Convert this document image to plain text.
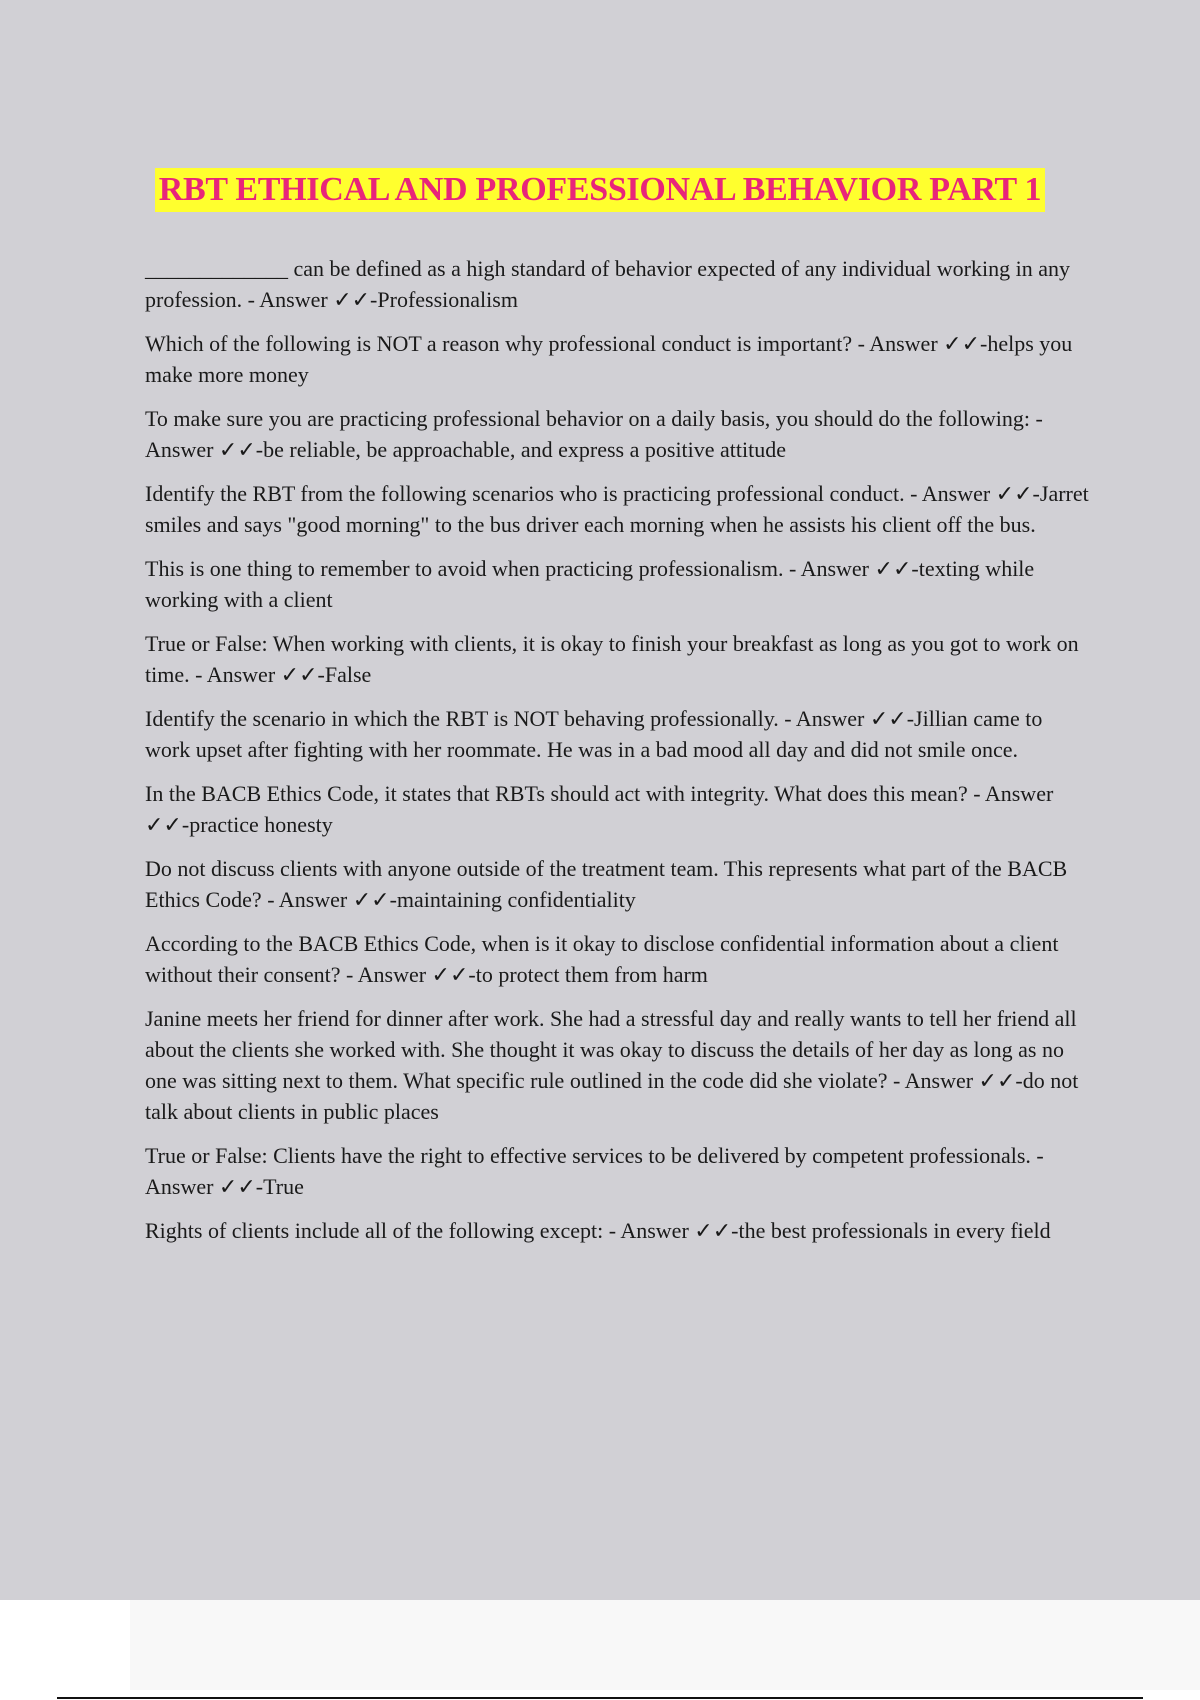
RBT ETHICAL AND PROFESSIONAL BEHAVIOR PART 1

_____________ can be defined as a high standard of behavior expected of any individual working in any profession. - Answer ✓✓-Professionalism

Which of the following is NOT a reason why professional conduct is important? - Answer ✓✓-helps you make more money

To make sure you are practicing professional behavior on a daily basis, you should do the following: - Answer ✓✓-be reliable, be approachable, and express a positive attitude

Identify the RBT from the following scenarios who is practicing professional conduct. - Answer ✓✓-Jarret smiles and says "good morning" to the bus driver each morning when he assists his client off the bus.

This is one thing to remember to avoid when practicing professionalism. - Answer ✓✓-texting while working with a client

True or False: When working with clients, it is okay to finish your breakfast as long as you got to work on time. - Answer ✓✓-False

Identify the scenario in which the RBT is NOT behaving professionally. - Answer ✓✓-Jillian came to work upset after fighting with her roommate. He was in a bad mood all day and did not smile once.

In the BACB Ethics Code, it states that RBTs should act with integrity. What does this mean? - Answer ✓✓-practice honesty

Do not discuss clients with anyone outside of the treatment team. This represents what part of the BACB Ethics Code? - Answer ✓✓-maintaining confidentiality

According to the BACB Ethics Code, when is it okay to disclose confidential information about a client without their consent? - Answer ✓✓-to protect them from harm

Janine meets her friend for dinner after work. She had a stressful day and really wants to tell her friend all about the clients she worked with. She thought it was okay to discuss the details of her day as long as no one was sitting next to them. What specific rule outlined in the code did she violate? - Answer ✓✓-do not talk about clients in public places

True or False: Clients have the right to effective services to be delivered by competent professionals. - Answer ✓✓-True

Rights of clients include all of the following except: - Answer ✓✓-the best professionals in every field
